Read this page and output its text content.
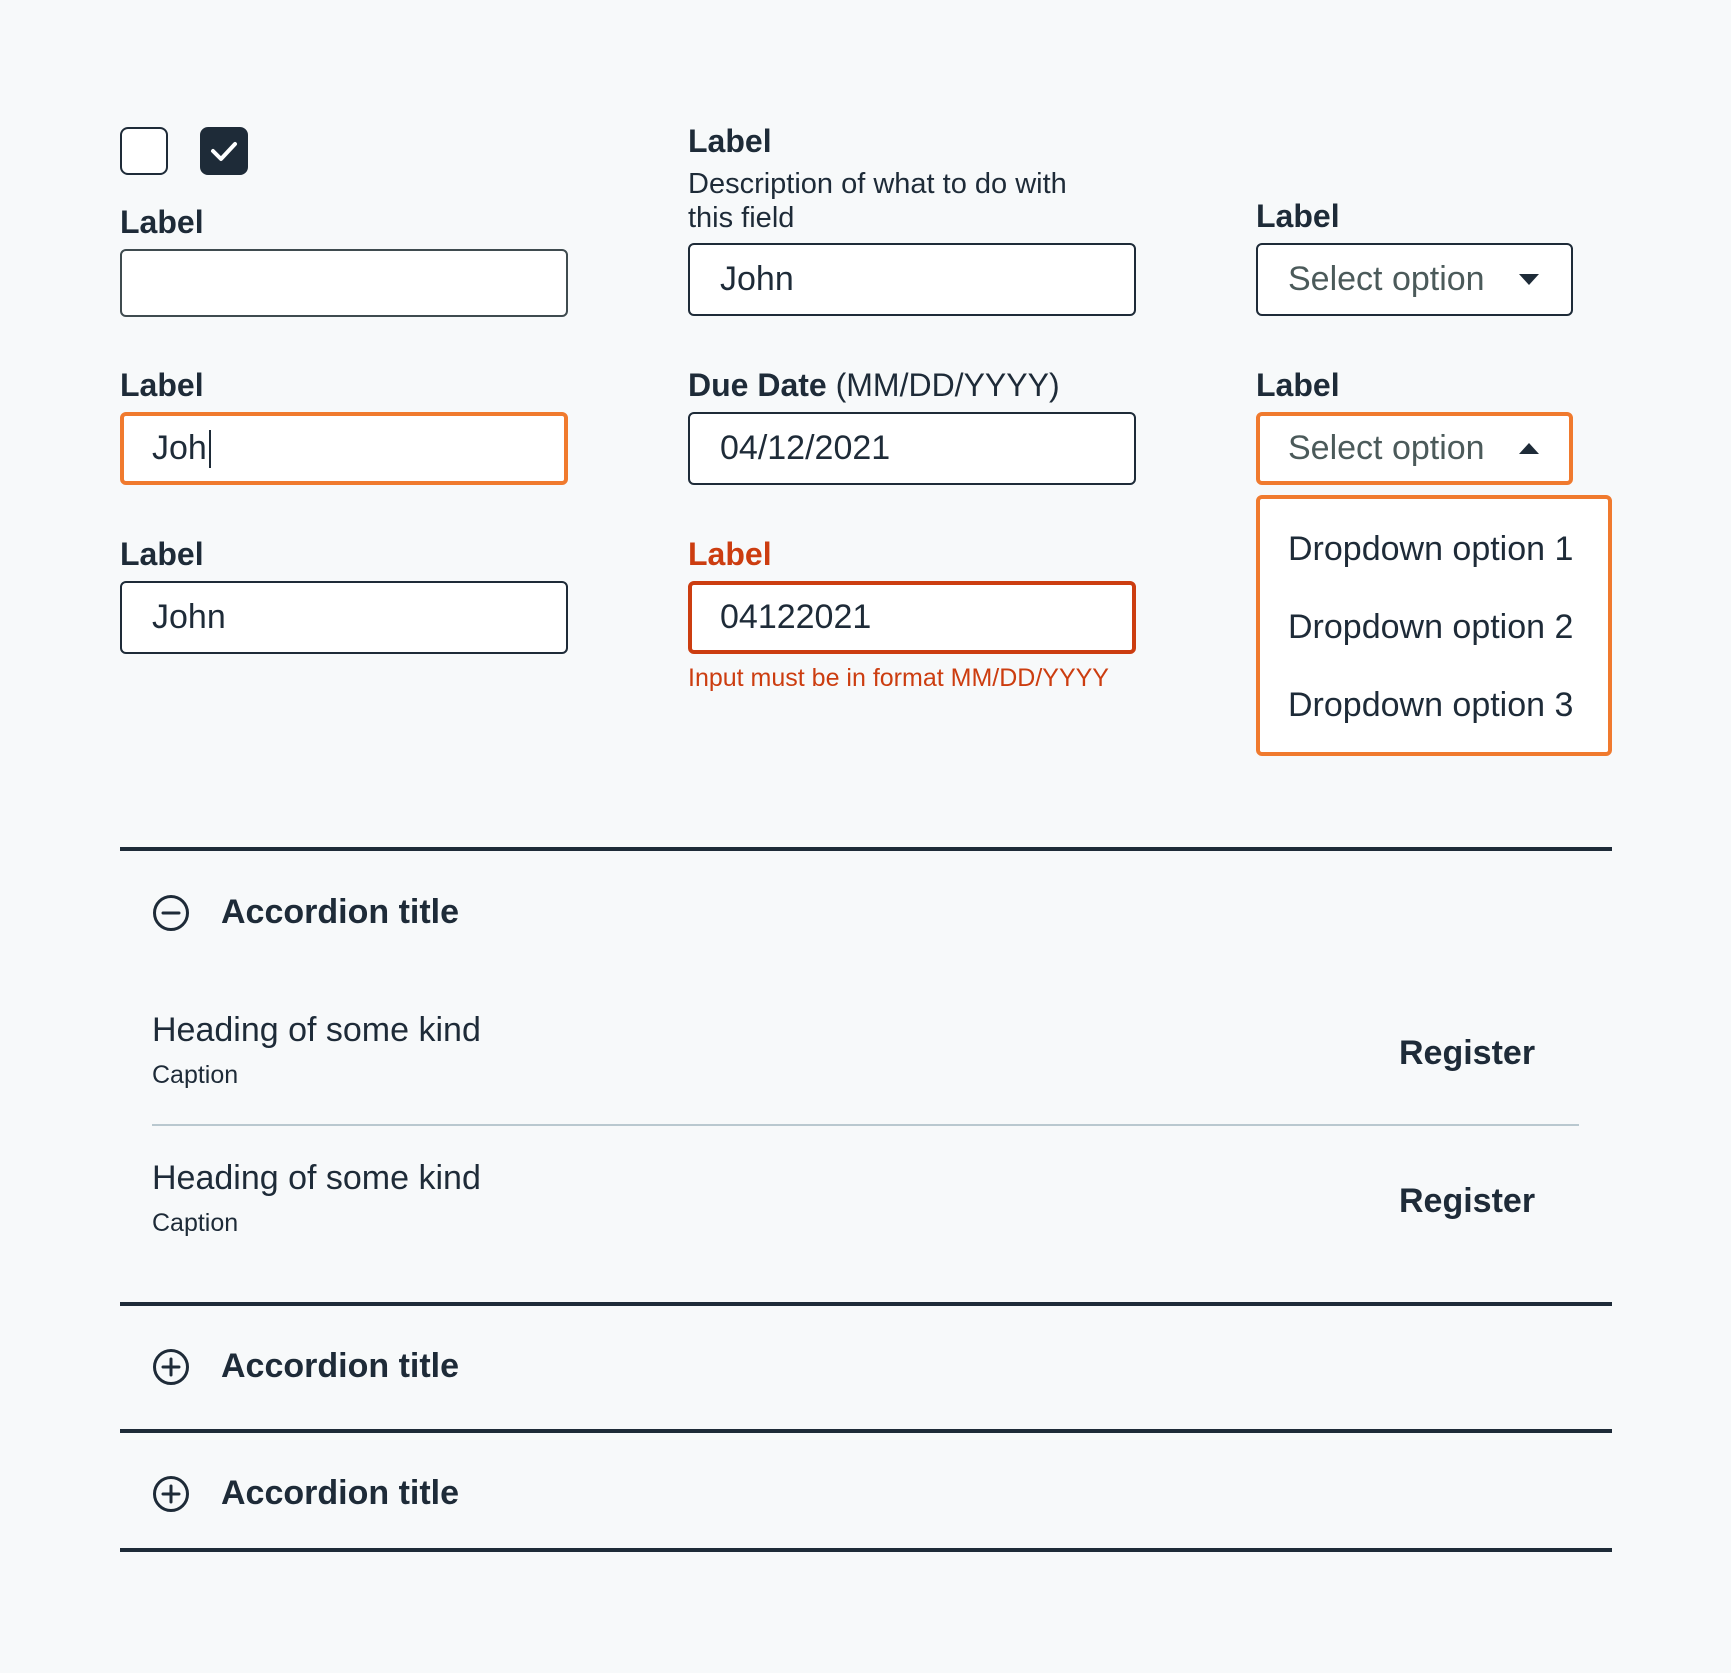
Label
Label
Joh
Label
John
Label
Description of what to do with this field
John
Due Date (MM/DD/YYYY)
04/12/2021
Label
04122021
Input must be in format MM/DD/YYYY
Label
Select option
Label
Select option
Dropdown option 1
Dropdown option 2
Dropdown option 3
Accordion title
Heading of some kind
Caption
Register
Heading of some kind
Caption
Register
Accordion title
Accordion title
